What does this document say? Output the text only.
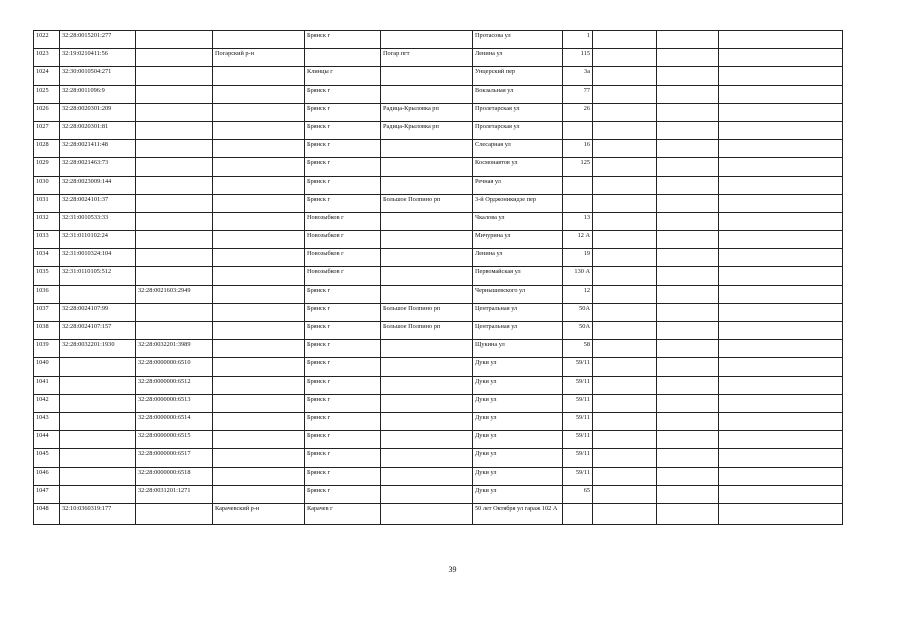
1022	32:28:0015201:277			Брянск г		Протасова ул	1			
1023	32:19:0210411:56		Погарский р-н		Погар пгт	Ленина ул	115			
1024	32:30:0010504:271			Клинцы г		Унцерский пер	3а			
1025	32:28:0011096:9			Брянск г		Вокзальная ул	77			
1026	32:28:0020301:209			Брянск г	Радица-Крыловка рп	Пролетарская ул	26			
1027	32:28:0020301:81			Брянск г	Радица-Крыловка рп	Пролетарская ул				
1028	32:28:0021411:48			Брянск г		Слесарная ул	16			
1029	32:28:0021463:73			Брянск г		Космонавтов ул	125			
1030	32:28:0023009:144			Брянск г		Речная ул				
1031	32:28:0024101:37			Брянск г	Большое Полпино рп	3-й Орджоникидзе пер				
1032	32:31:0010533:33			Новозыбков г		Чкалова ул	13			
1033	32:31:0110102:24			Новозыбков г		Мичурина ул	12 А			
1034	32:31:0010324:104			Новозыбков г		Ленина ул	19			
1035	32:31:0110105:512			Новозыбков г		Первомайская ул	130 А			
1036		32:28:0021603:2949		Брянск г		Чернышевского ул	12			
1037	32:28:0024107:99			Брянск г	Большое Полпино рп	Центральная ул	50А			
1038	32:28:0024107:157			Брянск г	Большое Полпино рп	Центральная ул	50А			
1039	32:28:0032201:1930	32:28:0032201:3989		Брянск г		Щукина ул	58			
1040		32:28:0000000:6510		Брянск г		Дуки ул	59/11			
1041		32:28:0000000:6512		Брянск г		Дуки ул	59/11			
1042		32:28:0000000:6513		Брянск г		Дуки ул	59/11			
1043		32:28:0000000:6514		Брянск г		Дуки ул	59/11			
1044		32:28:0000000:6515		Брянск г		Дуки ул	59/11			
1045		32:28:0000000:6517		Брянск г		Дуки ул	59/11			
1046		32:28:0000000:6518		Брянск г		Дуки ул	59/11			
1047		32:28:0031201:1271		Брянск г		Дуки ул	65			
1048	32:10:0360319:177		Карачевский р-н	Карачев г		50 лет Октября ул гараж 102 А				
39
